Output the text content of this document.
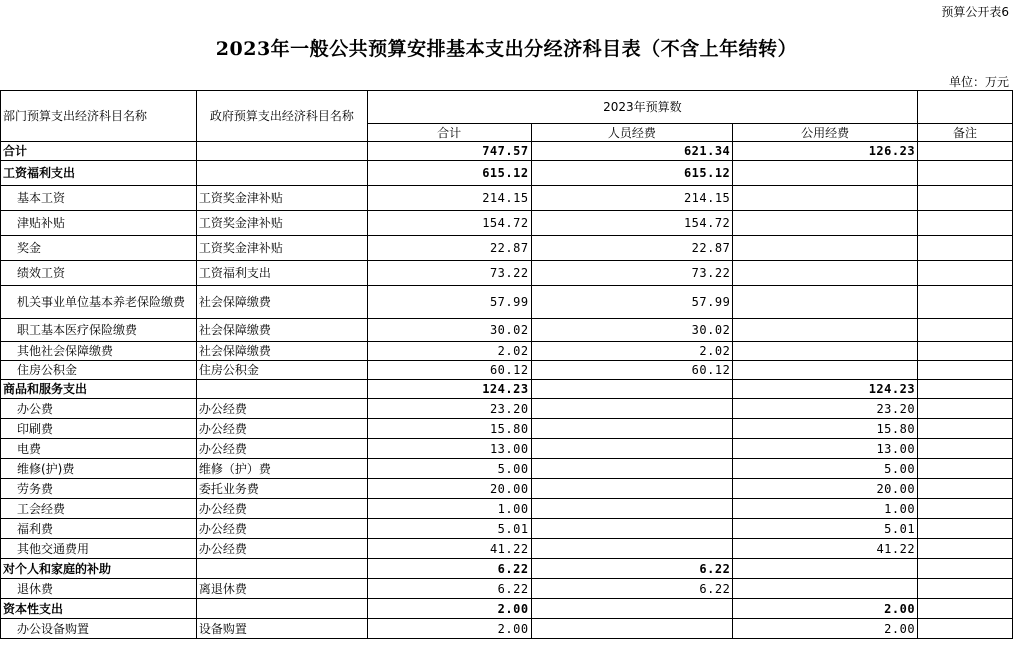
预算公开表6
2023年一般公共预算安排基本支出分经济科目表（不含上年结转）
单位：万元
部门预算支出经济科目名称	政府预算支出经济科目名称	2023年预算数			
		合计	人员经费	公用经费	备注
合计		747.57	621.34	126.23	
工资福利支出		615.12	615.12		
基本工资	工资奖金津补贴	214.15	214.15		
津贴补贴	工资奖金津补贴	154.72	154.72		
奖金	工资奖金津补贴	22.87	22.87		
绩效工资	工资福利支出	73.22	73.22		
机关事业单位基本养老保险缴费	社会保障缴费	57.99	57.99		
职工基本医疗保险缴费	社会保障缴费	30.02	30.02		
其他社会保障缴费	社会保障缴费	2.02	2.02		
住房公积金	住房公积金	60.12	60.12		
商品和服务支出		124.23		124.23	
办公费	办公经费	23.20		23.20	
印刷费	办公经费	15.80		15.80	
电费	办公经费	13.00		13.00	
维修(护)费	维修（护）费	5.00		5.00	
劳务费	委托业务费	20.00		20.00	
工会经费	办公经费	1.00		1.00	
福利费	办公经费	5.01		5.01	
其他交通费用	办公经费	41.22		41.22	
对个人和家庭的补助		6.22	6.22		
退休费	离退休费	6.22	6.22		
资本性支出		2.00		2.00	
办公设备购置	设备购置	2.00		2.00	
